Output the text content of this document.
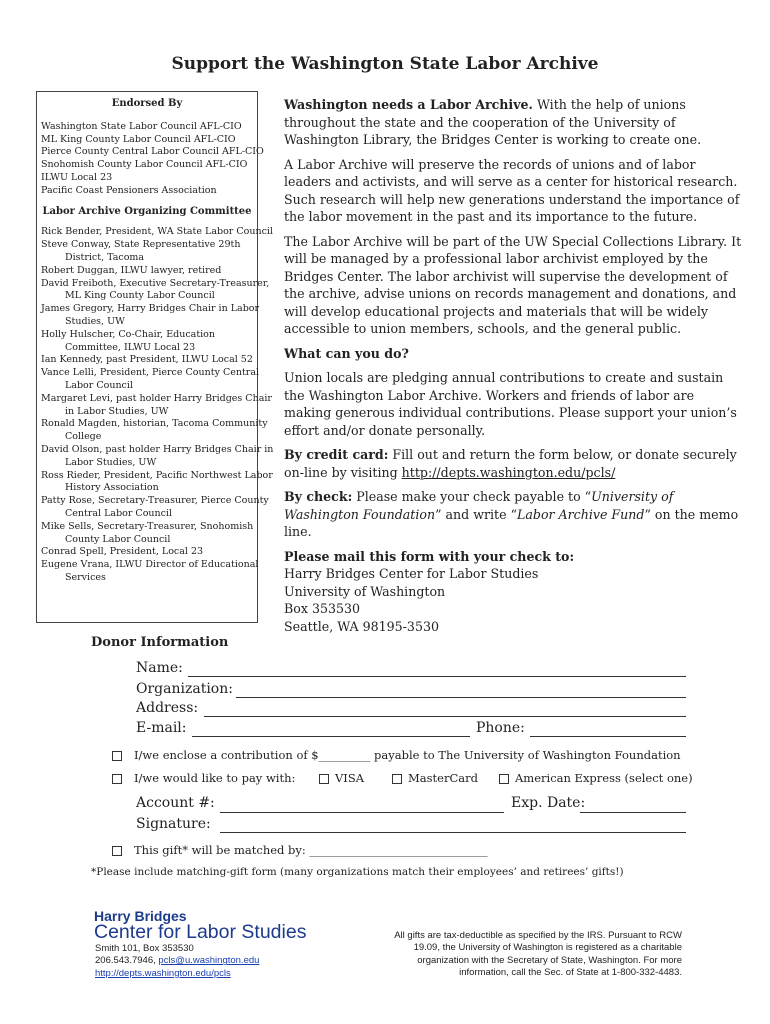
Support the Washington State Labor Archive
Endorsed By
Washington State Labor Council AFL-CIO
ML King County Labor Council AFL-CIO
Pierce County Central Labor Council AFL-CIO
Snohomish County Labor Council AFL-CIO
ILWU Local 23
Pacific Coast Pensioners Association
Labor Archive Organizing Committee
Rick Bender, President, WA State Labor Council
Steve Conway, State Representative 29th
District, Tacoma
Robert Duggan, ILWU lawyer, retired
David Freiboth, Executive Secretary-Treasurer,
ML King County Labor Council
James Gregory, Harry Bridges Chair in Labor
Studies, UW
Holly Hulscher, Co-Chair, Education
Committee, ILWU Local 23
Ian Kennedy, past President, ILWU Local 52
Vance Lelli, President, Pierce County Central
Labor Council
Margaret Levi, past holder Harry Bridges Chair
in Labor Studies, UW
Ronald Magden, historian, Tacoma Community
College
David Olson, past holder Harry Bridges Chair in
Labor Studies, UW
Ross Rieder, President, Pacific Northwest Labor
History Association
Patty Rose, Secretary-Treasurer, Pierce County
Central Labor Council
Mike Sells, Secretary-Treasurer, Snohomish
County Labor Council
Conrad Spell, President, Local 23
Eugene Vrana, ILWU Director of Educational
Services

Washington needs a Labor Archive. With the help of unions throughout the state and the cooperation of the University of Washington Library, the Bridges Center is working to create one.

A Labor Archive will preserve the records of unions and of labor leaders and activists, and will serve as a center for historical research. Such research will help new generations understand the importance of the labor movement in the past and its importance to the future.

The Labor Archive will be part of the UW Special Collections Library. It will be managed by a professional labor archivist employed by the Bridges Center. The labor archivist will supervise the development of the archive, advise unions on records management and donations, and will develop educational projects and materials that will be widely accessible to union members, schools, and the general public.

What can you do?

Union locals are pledging annual contributions to create and sustain the Washington Labor Archive. Workers and friends of labor are making generous individual contributions. Please support your union’s effort and/or donate personally.

By credit card: Fill out and return the form below, or donate securely on-line by visiting http://depts.washington.edu/pcls/

By check: Please make your check payable to “University of Washington Foundation” and write “Labor Archive Fund” on the memo line.

Please mail this form with your check to:
Harry Bridges Center for Labor Studies
University of Washington
Box 353530
Seattle, WA 98195-3530
Donor Information
Name:
Organization:
Address:
E-mail:	Phone:
I/we enclose a contribution of $_________ payable to The University of Washington Foundation
I/we would like to pay with:	VISA	MasterCard	American Express (select one)
Account #:	Exp. Date:
Signature:
This gift* will be matched by: _______________________________
*Please include matching-gift form (many organizations match their employees’ and retirees’ gifts!)
Harry Bridges
Center for Labor Studies
Smith 101, Box 353530
206.543.7946, pcls@u.washington.edu
http://depts.washington.edu/pcls
All gifts are tax-deductible as specified by the IRS. Pursuant to RCW 19.09, the University of Washington is registered as a charitable organization with the Secretary of State, Washington. For more information, call the Sec. of State at 1-800-332-4483.
